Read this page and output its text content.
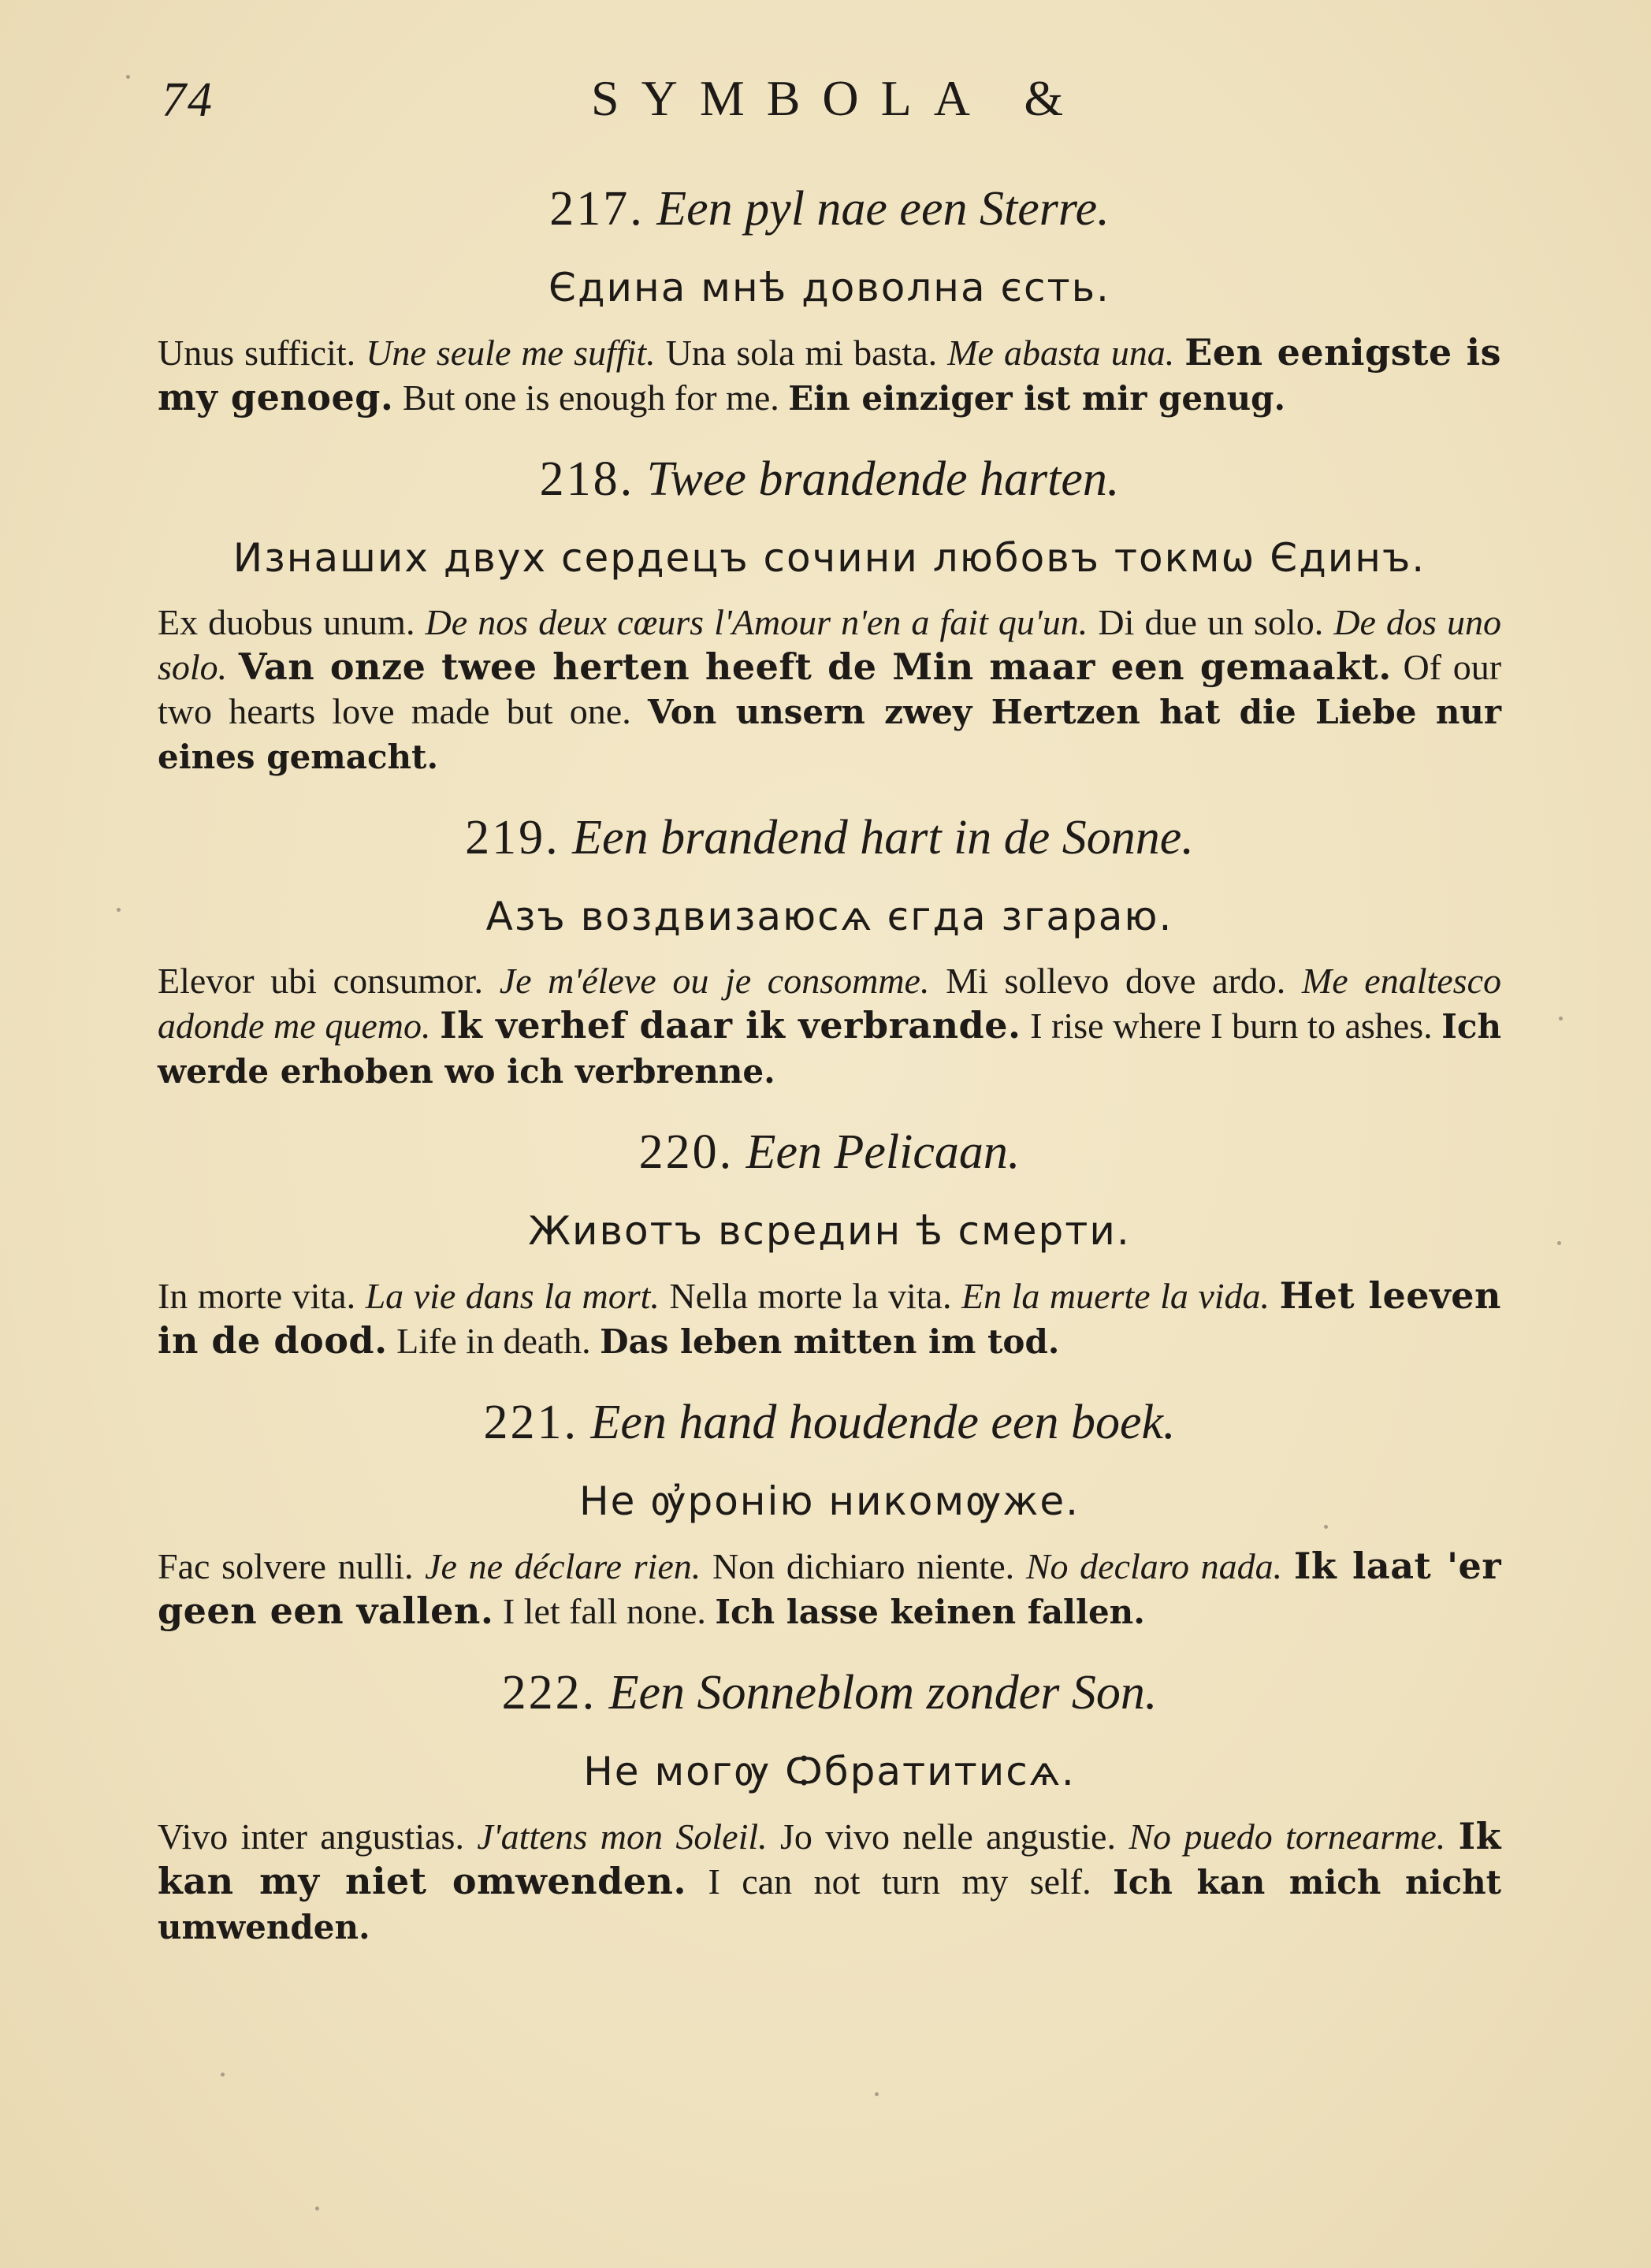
74	SYMBOLA &
217. Een pyl nae een Sterre.
Єдина мнѣ доволна єсть.
Unus sufficit. Une seule me suffit. Una sola mi basta. Me abasta una. Een eenigste is my genoeg. But one is enough for me. Ein einziger ist mir genug.
218. Twee brandende harten.
Изнашиx двух сердецъ сочини любовъ токмω Єдинъ.
Ex duobus unum. De nos deux cœurs l'Amour n'en a fait qu'un. Di due un solo. De dos uno solo. Van onze twee herten heeft de Min maar een gemaakt. Of our two hearts love made but one. Von unsern zwey Hertzen hat die Liebe nur eines gemacht.
219. Een brandend hart in de Sonne.
Азъ воздвизаюсѧ єгда згараю.
Elevor ubi consumor. Je m'éleve ou je consomme. Mi sollevo dove ardo. Me enaltesco adonde me quemo. Ik verhef daar ik verbrande. I rise where I burn to ashes. Ich werde erhoben wo ich verbrenne.
220. Een Pelicaan.
Животъ всредин ѣ смерти.
In morte vita. La vie dans la mort. Nella morte la vita. En la muerte la vida. Het leeven in de dood. Life in death. Das leben mitten im tod.
221. Een hand houdende een boek.
Не ѹ҆ронію никомѹже.
Fac solvere nulli. Je ne déclare rien. Non dichiaro niente. No declaro nada. Ik laat 'er geen een vallen. I let fall none. Ich lasse keinen fallen.
222. Een Sonneblom zonder Son.
Не могѹ Ѻбратитисѧ.
Vivo inter angustias. J'attens mon Soleil. Jo vivo nelle angustie. No puedo tornearme. Ik kan my niet omwenden. I can not turn my self. Ich kan mich nicht umwenden.
